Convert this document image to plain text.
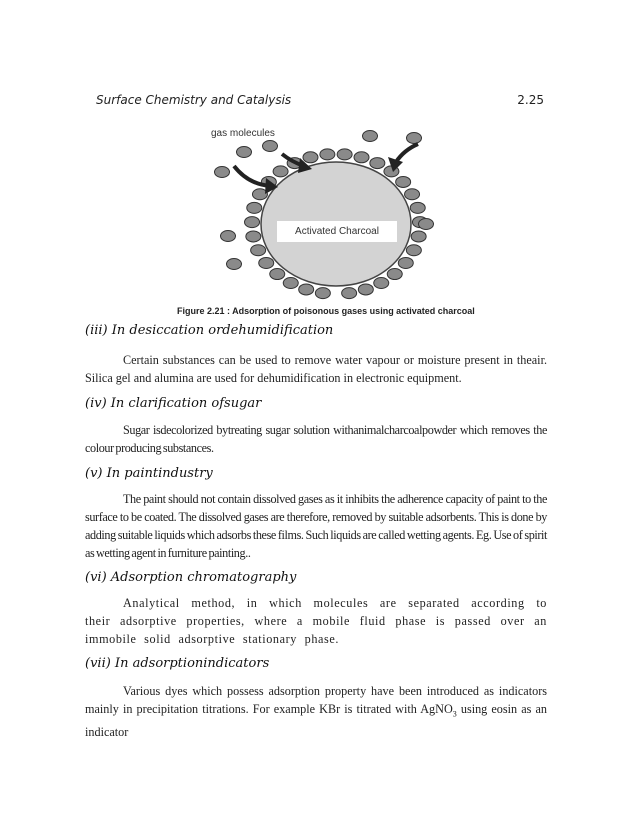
Surface Chemistry and Catalysis	2.25
gas molecules
Activated Charcoal
Figure 2.21 : Adsorption of poisonous gases using activated charcoal
(iii) In desiccation ordehumidification
Certain substances can be used to remove water vapour or moisture present in theair. Silica gel and alumina are used for dehumidification in electronic equipment.
(iv) In clarification ofsugar
Sugar isdecolorized bytreating sugar solution withanimalcharcoalpowder which removes the colour producing substances.
(v) In paintindustry
The paint should not contain dissolved gases as it inhibits the adherence capacity of paint to the surface to be coated. The dissolved gases are therefore, removed by suitable adsorbents. This is done by adding suitable liquids which adsorbs these films. Such liquids are called wetting agents. Eg. Use of spirit as wetting agent in furniture painting..
(vi) Adsorption chromatography
Analytical method, in which molecules are separated according to their adsorptive properties, where a mobile fluid phase is passed over an immobile solid adsorptive stationary phase.
(vii) In adsorptionindicators
Various dyes which possess adsorption property have been introduced as indicators mainly in precipitation titrations. For example KBr is titrated with AgNO$_3$ using eosin as an indicator
